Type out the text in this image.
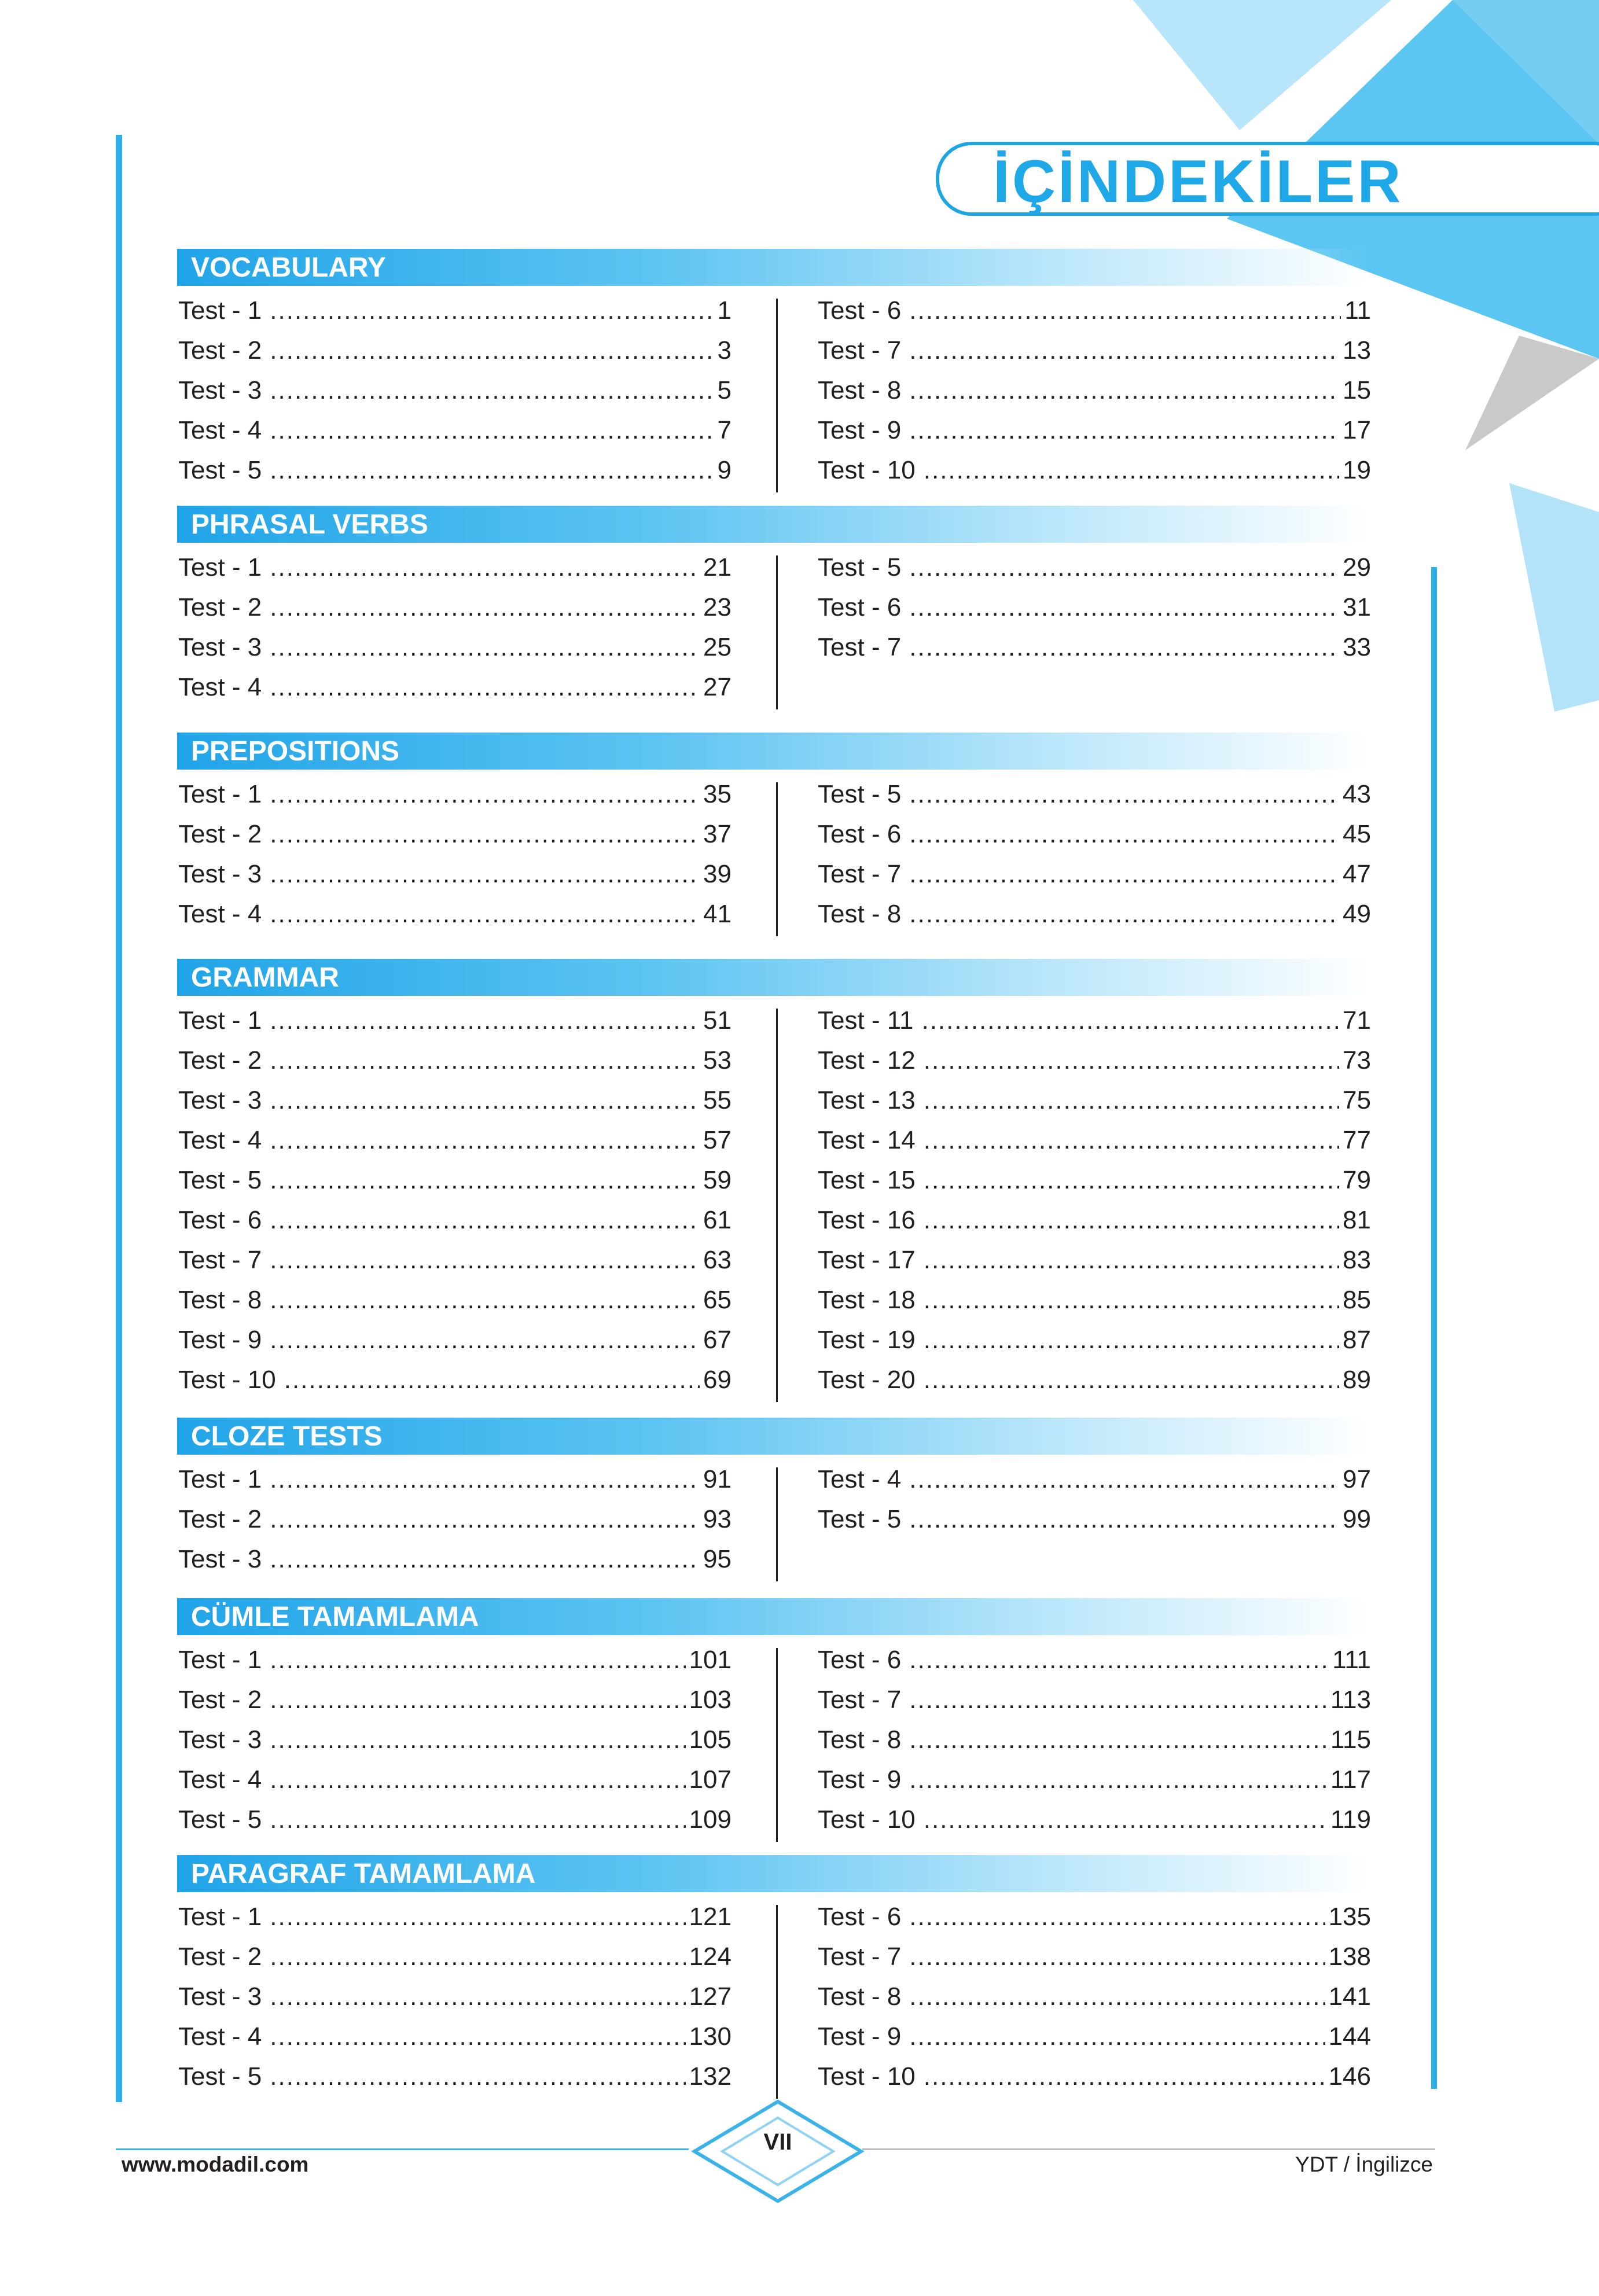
İÇİNDEKİLER
VOCABULARY
Test - 1 .....	1
Test - 2 .....	3
Test - 3 .....	5
Test - 4 .....	7
Test - 5 .....	9
Test - 6 .....	11
Test - 7 .....	13
Test - 8 .....	15
Test - 9 .....	17
Test - 10 .....	19
PHRASAL VERBS
Test - 1 .....	21
Test - 2 .....	23
Test - 3 .....	25
Test - 4 .....	27
Test - 5 .....	29
Test - 6 .....	31
Test - 7 .....	33
PREPOSITIONS
Test - 1 .....	35
Test - 2 .....	37
Test - 3 .....	39
Test - 4 .....	41
Test - 5 .....	43
Test - 6 .....	45
Test - 7 .....	47
Test - 8 .....	49
GRAMMAR
Test - 1 .....	51
Test - 2 .....	53
Test - 3 .....	55
Test - 4 .....	57
Test - 5 .....	59
Test - 6 .....	61
Test - 7 .....	63
Test - 8 .....	65
Test - 9 .....	67
Test - 10 .....	69
Test - 11 .....	71
Test - 12 .....	73
Test - 13 .....	75
Test - 14 .....	77
Test - 15 .....	79
Test - 16 .....	81
Test - 17 .....	83
Test - 18 .....	85
Test - 19 .....	87
Test - 20 .....	89
CLOZE TESTS
Test - 1 .....	91
Test - 2 .....	93
Test - 3 .....	95
Test - 4 .....	97
Test - 5 .....	99
CÜMLE TAMAMLAMA
Test - 1 .....	101
Test - 2 .....	103
Test - 3 .....	105
Test - 4 .....	107
Test - 5 .....	109
Test - 6 .....	111
Test - 7 .....	113
Test - 8 .....	115
Test - 9 .....	117
Test - 10 .....	119
PARAGRAF TAMAMLAMA
Test - 1 .....	121
Test - 2 .....	124
Test - 3 .....	127
Test - 4 .....	130
Test - 5 .....	132
Test - 6 .....	135
Test - 7 .....	138
Test - 8 .....	141
Test - 9 .....	144
Test - 10 .....	146
www.modadil.com
VII
YDT / İngilizce
